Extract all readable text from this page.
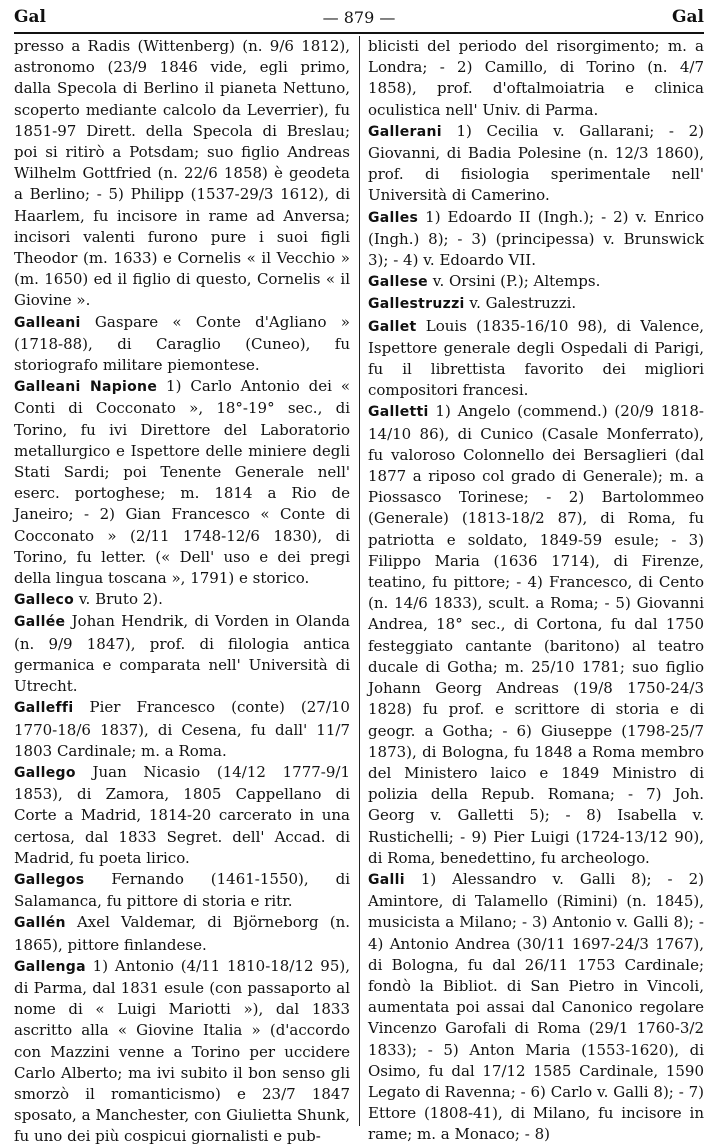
Gal	— 879 —	Gal

presso a Radis (Wittenberg) (n. 9/6 1812), astronomo (23/9 1846 vide, egli primo, dalla Specola di Berlino il pianeta Nettuno, scoperto mediante calcolo da Leverrier), fu 1851-97 Dirett. della Specola di Breslau; poi si ritirò a Potsdam; suo figlio Andreas Wilhelm Gottfried (n. 22/6 1858) è geodeta a Berlino; - 5) Philipp (1537-29/3 1612), di Haarlem, fu incisore in rame ad Anversa; incisori valenti furono pure i suoi figli Theodor (m. 1633) e Cornelis « il Vecchio » (m. 1650) ed il figlio di questo, Cornelis « il Giovine ».

Galleani Gaspare « Conte d'Agliano » (1718-88), di Caraglio (Cuneo), fu storiografo militare piemontese.

Galleani Napione 1) Carlo Antonio dei « Conti di Cocconato », 18°-19° sec., di Torino, fu ivi Direttore del Laboratorio metallurgico e Ispettore delle miniere degli Stati Sardi; poi Tenente Generale nell' eserc. portoghese; m. 1814 a Rio de Janeiro; - 2) Gian Francesco « Conte di Cocconato » (2/11 1748-12/6 1830), di Torino, fu letter. (« Dell' uso e dei pregi della lingua toscana », 1791) e storico.

Galleco v. Bruto 2).

Gallée Johan Hendrik, di Vorden in Olanda (n. 9/9 1847), prof. di filologia antica germanica e comparata nell' Università di Utrecht.

Galleffi Pier Francesco (conte) (27/10 1770-18/6 1837), di Cesena, fu dall' 11/7 1803 Cardinale; m. a Roma.

Gallego Juan Nicasio (14/12 1777-9/1 1853), di Zamora, 1805 Cappellano di Corte a Madrid, 1814-20 carcerato in una certosa, dal 1833 Segret. dell' Accad. di Madrid, fu poeta lirico.

Gallegos Fernando (1461-1550), di Salamanca, fu pittore di storia e ritr.

Gallén Axel Valdemar, di Björneborg (n. 1865), pittore finlandese.

Gallenga 1) Antonio (4/11 1810-18/12 95), di Parma, dal 1831 esule (con passaporto al nome di « Luigi Mariotti »), dal 1833 ascritto alla « Giovine Italia » (d'accordo con Mazzini venne a Torino per uccidere Carlo Alberto; ma ivi subito il bon senso gli smorzò il romanticismo) e 23/7 1847 sposato, a Manchester, con Giulietta Shunk, fu uno dei più cospicui giornalisti e pub-

blicisti del periodo del risorgimento; m. a Londra; - 2) Camillo, di Torino (n. 4/7 1858), prof. d'oftalmoiatria e clinica oculistica nell' Univ. di Parma.

Gallerani 1) Cecilia v. Gallarani; - 2) Giovanni, di Badia Polesine (n. 12/3 1860), prof. di fisiologia sperimentale nell' Università di Camerino.

Galles 1) Edoardo II (Ingh.); - 2) v. Enrico (Ingh.) 8); - 3) (principessa) v. Brunswick 3); - 4) v. Edoardo VII.

Gallese v. Orsini (P.); Altemps.

Gallestruzzi v. Galestruzzi.

Gallet Louis (1835-16/10 98), di Valence, Ispettore generale degli Ospedali di Parigi, fu il librettista favorito dei migliori compositori francesi.

Galletti 1) Angelo (commend.) (20/9 1818-14/10 86), di Cunico (Casale Monferrato), fu valoroso Colonnello dei Bersaglieri (dal 1877 a riposo col grado di Generale); m. a Piossasco Torinese; - 2) Bartolommeo (Generale) (1813-18/2 87), di Roma, fu patriotta e soldato, 1849-59 esule; - 3) Filippo Maria (1636 1714), di Firenze, teatino, fu pittore; - 4) Francesco, di Cento (n. 14/6 1833), scult. a Roma; - 5) Giovanni Andrea, 18° sec., di Cortona, fu dal 1750 festeggiato cantante (baritono) al teatro ducale di Gotha; m. 25/10 1781; suo figlio Johann Georg Andreas (19/8 1750-24/3 1828) fu prof. e scrittore di storia e di geogr. a Gotha; - 6) Giuseppe (1798-25/7 1873), di Bologna, fu 1848 a Roma membro del Ministero laico e 1849 Ministro di polizia della Repub. Romana; - 7) Joh. Georg v. Galletti 5); - 8) Isabella v. Rustichelli; - 9) Pier Luigi (1724-13/12 90), di Roma, benedettino, fu archeologo.

Galli 1) Alessandro v. Galli 8); - 2) Amintore, di Talamello (Rimini) (n. 1845), musicista a Milano; - 3) Antonio v. Galli 8); - 4) Antonio Andrea (30/11 1697-24/3 1767), di Bologna, fu dal 26/11 1753 Cardinale; fondò la Bibliot. di San Pietro in Vincoli, aumentata poi assai dal Canonico regolare Vincenzo Garofali di Roma (29/1 1760-3/2 1833); - 5) Anton Maria (1553-1620), di Osimo, fu dal 17/12 1585 Cardinale, 1590 Legato di Ravenna; - 6) Carlo v. Galli 8); - 7) Ettore (1808-41), di Milano, fu incisore in rame; m. a Monaco; - 8)
